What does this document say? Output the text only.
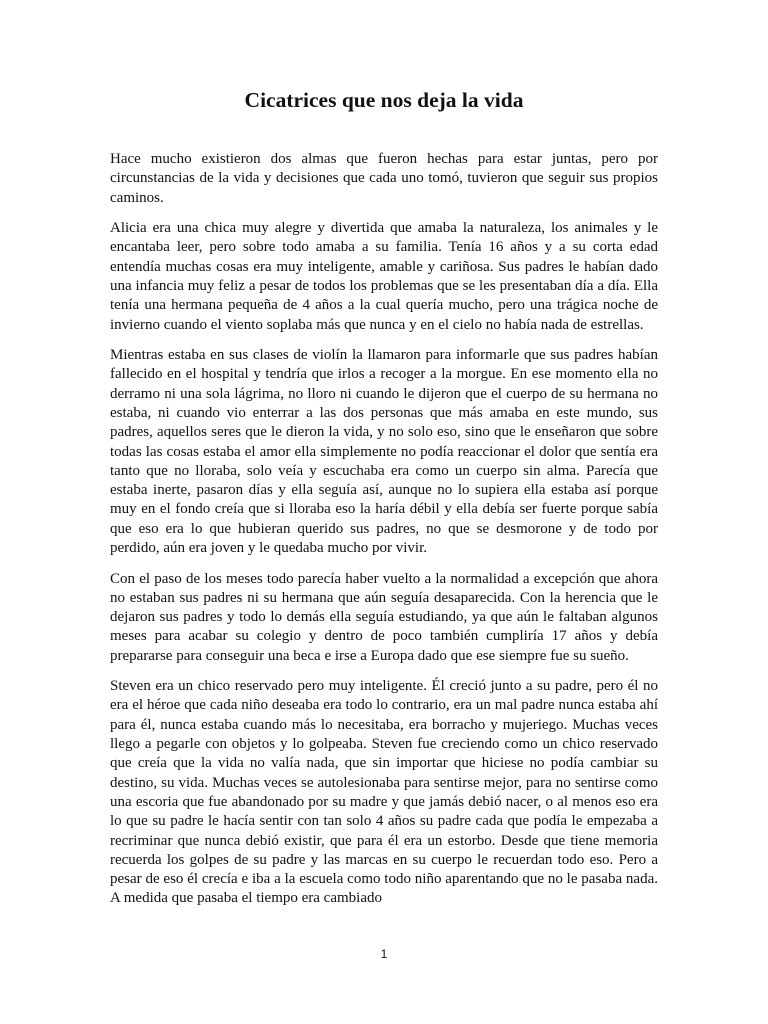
Cicatrices que nos deja la vida

Hace mucho existieron dos almas que fueron hechas para estar juntas, pero por circunstancias de la vida y decisiones que cada uno tomó, tuvieron que seguir sus propios caminos.

Alicia era una chica muy alegre y divertida que amaba la naturaleza, los animales y le encantaba leer, pero sobre todo amaba a su familia. Tenía 16 años y a su corta edad entendía muchas cosas era muy inteligente, amable y cariñosa. Sus padres le habían dado una infancia muy feliz a pesar de todos los problemas que se les presentaban día a día. Ella tenía una hermana pequeña de 4 años a la cual quería mucho, pero una trágica noche de invierno cuando el viento soplaba más que nunca y en el cielo no había nada de estrellas.

Mientras estaba en sus clases de violín la llamaron para informarle que sus padres habían fallecido en el hospital y tendría que irlos a recoger a la morgue. En ese momento ella no derramo ni una sola lágrima, no lloro ni cuando le dijeron que el cuerpo de su hermana no estaba, ni cuando vio enterrar a las dos personas que más amaba en este mundo, sus padres, aquellos seres que le dieron la vida, y no solo eso, sino que le enseñaron que sobre todas las cosas estaba el amor ella simplemente no podía reaccionar el dolor que sentía era tanto que no lloraba, solo veía y escuchaba era como un cuerpo sin alma. Parecía que estaba inerte, pasaron días y ella seguía así, aunque no lo supiera ella estaba así porque muy en el fondo creía que si lloraba eso la haría débil y ella debía ser fuerte porque sabía que eso era lo que hubieran querido sus padres, no que se desmorone y de todo por perdido, aún era joven y le quedaba mucho por vivir.

Con el paso de los meses todo parecía haber vuelto a la normalidad a excepción que ahora no estaban sus padres ni su hermana que aún seguía desaparecida. Con la herencia que le dejaron sus padres y todo lo demás ella seguía estudiando, ya que aún le faltaban algunos meses para acabar su colegio y dentro de poco también cumpliría 17 años y debía prepararse para conseguir una beca e irse a Europa dado que ese siempre fue su sueño.

Steven era un chico reservado pero muy inteligente. Él creció junto a su padre, pero él no era el héroe que cada niño deseaba era todo lo contrario, era un mal padre nunca estaba ahí para él, nunca estaba cuando más lo necesitaba, era borracho y mujeriego. Muchas veces llego a pegarle con objetos y lo golpeaba. Steven fue creciendo como un chico reservado que creía que la vida no valía nada, que sin importar que hiciese no podía cambiar su destino, su vida. Muchas veces se autolesionaba para sentirse mejor, para no sentirse como una escoria que fue abandonado por su madre y que jamás debió nacer, o al menos eso era lo que su padre le hacía sentir con tan solo 4 años su padre cada que podía le empezaba a recriminar que nunca debió existir, que para él era un estorbo. Desde que tiene memoria recuerda los golpes de su padre y las marcas en su cuerpo le recuerdan todo eso. Pero a pesar de eso él crecía e iba a la escuela como todo niño aparentando que no le pasaba nada. A medida que pasaba el tiempo era cambiado

1
